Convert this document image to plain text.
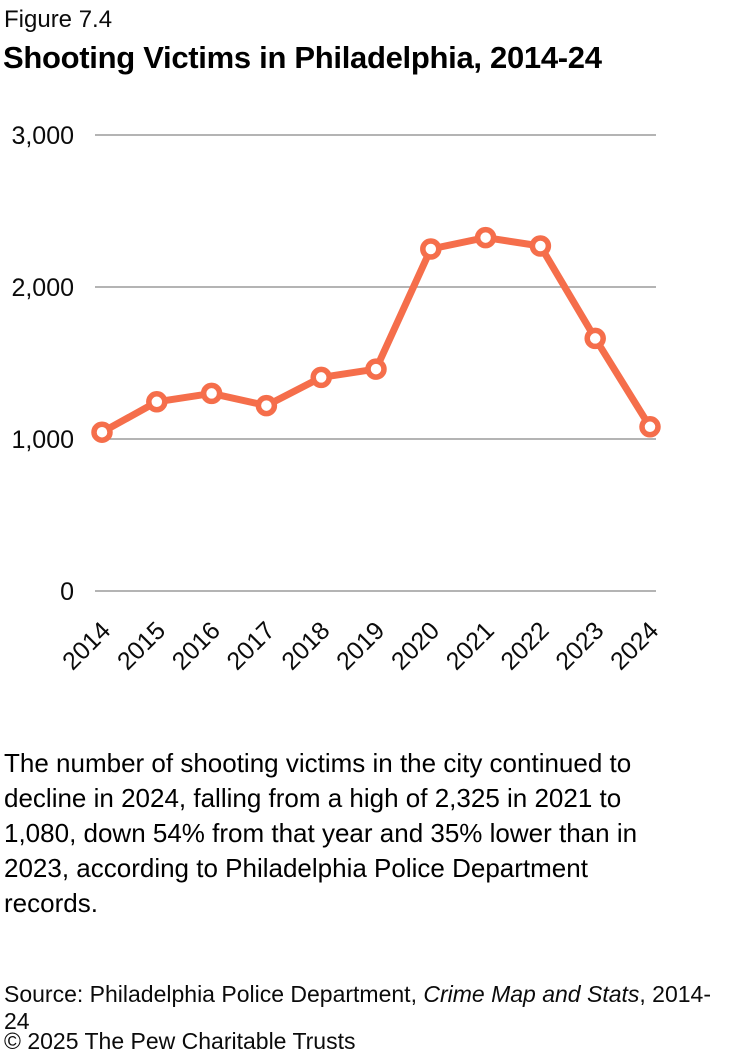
Figure 7.4
Shooting Victims in Philadelphia, 2014-24
0
1,000
2,000
3,000
2014
2015
2016
2017
2018
2019
2020
2021
2022
2023
2024
The number of shooting victims in the city continued to
decline in 2024, falling from a high of 2,325 in 2021 to
1,080, down 54% from that year and 35% lower than in
2023, according to Philadelphia Police Department
records.
Source: Philadelphia Police Department, Crime Map and Stats, 2014-24
© 2025 The Pew Charitable Trusts
